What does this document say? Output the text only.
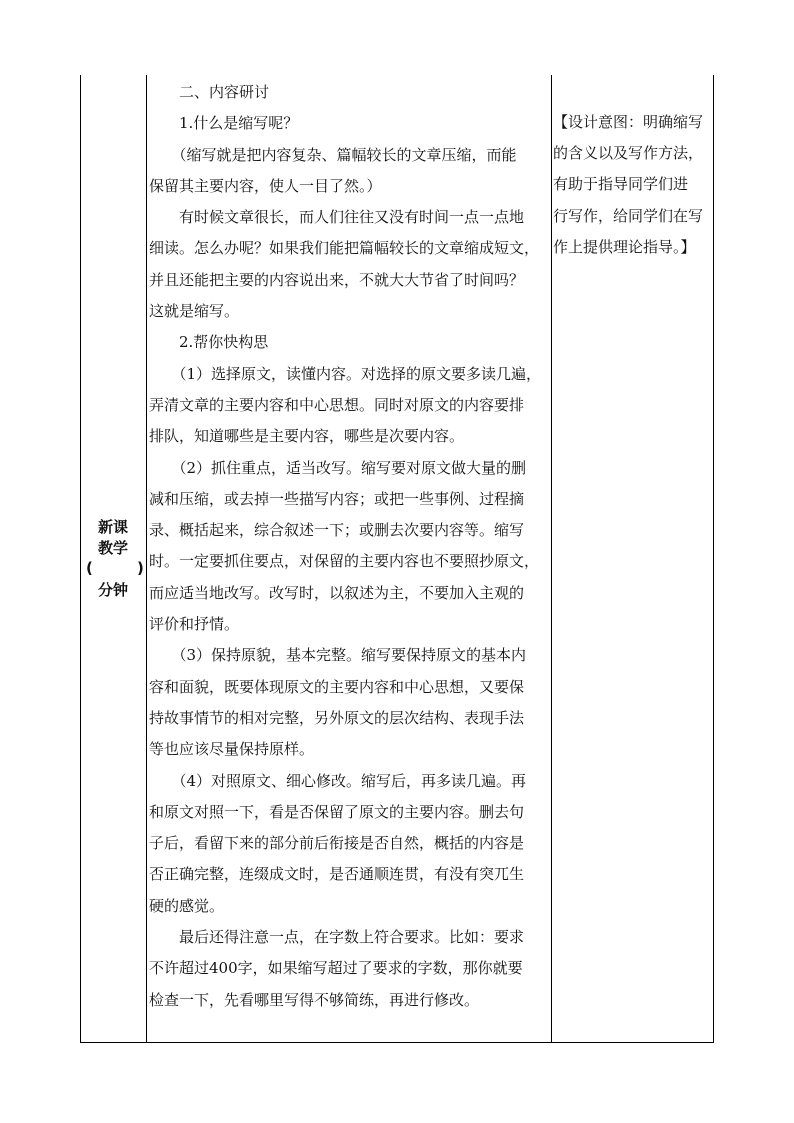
新课
教学
(	)
分钟
　　二、内容研讨
　　1.什么是缩写呢？
　　（缩写就是把内容复杂、篇幅较长的文章压缩，而能
保留其主要内容，使人一目了然。）
　　有时候文章很长，而人们往往又没有时间一点一点地
细读。怎么办呢？如果我们能把篇幅较长的文章缩成短文，
并且还能把主要的内容说出来，不就大大节省了时间吗？
这就是缩写。
　　2.帮你快构思
　　（1）选择原文，读懂内容。对选择的原文要多读几遍，
弄清文章的主要内容和中心思想。同时对原文的内容要排
排队，知道哪些是主要内容，哪些是次要内容。
　　（2）抓住重点，适当改写。缩写要对原文做大量的删
减和压缩，或去掉一些描写内容；或把一些事例、过程摘
录、概括起来，综合叙述一下；或删去次要内容等。缩写
时。一定要抓住要点，对保留的主要内容也不要照抄原文，
而应适当地改写。改写时，以叙述为主，不要加入主观的
评价和抒情。
　　（3）保持原貌，基本完整。缩写要保持原文的基本内
容和面貌，既要体现原文的主要内容和中心思想，又要保
持故事情节的相对完整，另外原文的层次结构、表现手法
等也应该尽量保持原样。
　　（4）对照原文、细心修改。缩写后，再多读几遍。再
和原文对照一下，看是否保留了原文的主要内容。删去句
子后，看留下来的部分前后衔接是否自然，概括的内容是
否正确完整，连缀成文时，是否通顺连贯，有没有突兀生
硬的感觉。
　　最后还得注意一点，在字数上符合要求。比如：要求
不许超过400字，如果缩写超过了要求的字数，那你就要
检查一下，先看哪里写得不够简练，再进行修改。
【设计意图：明确缩写
的含义以及写作方法，
有助于指导同学们进
行写作，给同学们在写
作上提供理论指导。】
